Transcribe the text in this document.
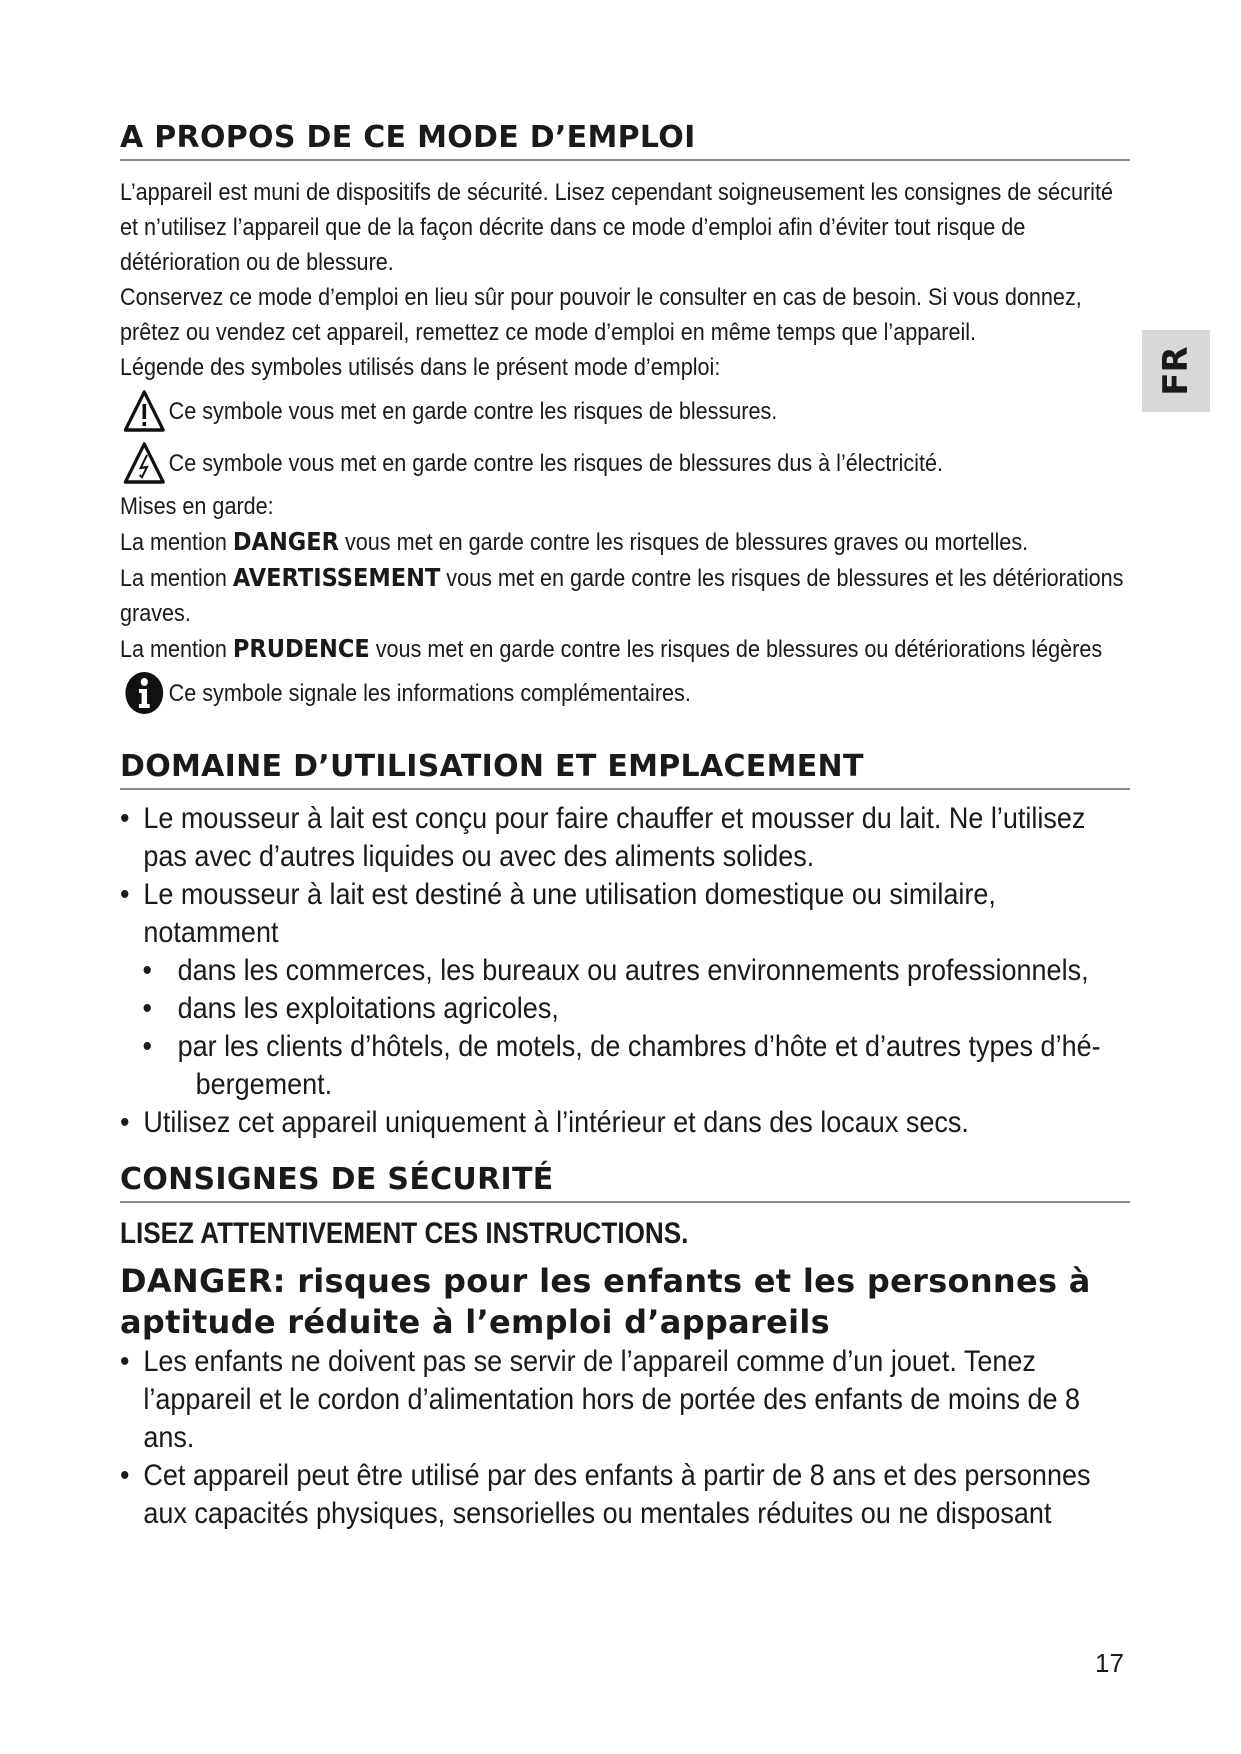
FR
A PROPOS DE CE MODE D’EMPLOI

L’appareil est muni de dispositifs de sécurité. Lisez cependant soigneusement les consignes de sécurité et n’utilisez l’appareil que de la façon décrite dans ce mode d’emploi afin d’éviter tout risque de détérioration ou de blessure.

Conservez ce mode d’emploi en lieu sûr pour pouvoir le consulter en cas de besoin. Si vous donnez, prêtez ou vendez cet appareil, remettez ce mode d’emploi en même temps que l’appareil.

Légende des symboles utilisés dans le présent mode d’emploi:

Ce symbole vous met en garde contre les risques de blessures.
Ce symbole vous met en garde contre les risques de blessures dus à l’électricité.

Mises en garde:

La mention DANGER vous met en garde contre les risques de blessures graves ou mortelles.

La mention AVERTISSEMENT vous met en garde contre les risques de blessures et les détériorations graves.

La mention PRUDENCE vous met en garde contre les risques de blessures ou détériorations légères

Ce symbole signale les informations complémentaires.
DOMAINE D’UTILISATION ET EMPLACEMENT
• Le mousseur à lait est conçu pour faire chauffer et mousser du lait. Ne l’utilisez pas avec d’autres liquides ou avec des aliments solides.
• Le mousseur à lait est destiné à une utilisation domestique ou similaire, notamment
• dans les commerces, les bureaux ou autres environnements professionnels,
• dans les exploitations agricoles,
• par les clients d’hôtels, de motels, de chambres d’hôte et d’autres types d’hé-
bergement.
• Utilisez cet appareil uniquement à l’intérieur et dans des locaux secs.
CONSIGNES DE SÉCURITÉ

LISEZ ATTENTIVEMENT CES INSTRUCTIONS.

DANGER: risques pour les enfants et les personnes à aptitude réduite à l’emploi d’appareils

• Les enfants ne doivent pas se servir de l’appareil comme d’un jouet. Tenez l’appareil et le cordon d’alimentation hors de portée des enfants de moins de 8 ans.
• Cet appareil peut être utilisé par des enfants à partir de 8 ans et des personnes aux capacités physiques, sensorielles ou mentales réduites ou ne disposant
17
